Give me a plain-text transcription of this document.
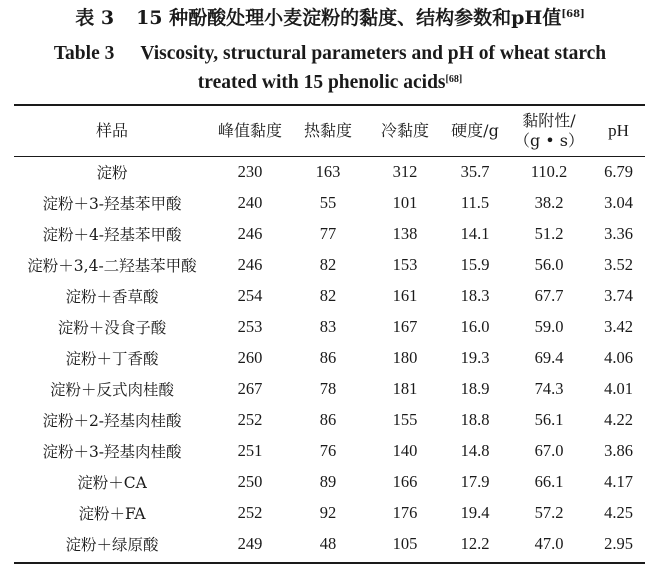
表 3 15 种酚酸处理小麦淀粉的黏度、结构参数和pH值[68]
Table 3 Viscosity, structural parameters and pH of wheat starch
treated with 15 phenolic acids[68]
样品	峰值黏度	热黏度	冷黏度	硬度/g	黏附性/
（g • s）	pH
淀粉	230	163	312	35.7	110.2	6.79
淀粉＋3-羟基苯甲酸	240	55	101	11.5	38.2	3.04
淀粉＋4-羟基苯甲酸	246	77	138	14.1	51.2	3.36
淀粉＋3,4-二羟基苯甲酸	246	82	153	15.9	56.0	3.52
淀粉＋香草酸	254	82	161	18.3	67.7	3.74
淀粉＋没食子酸	253	83	167	16.0	59.0	3.42
淀粉＋丁香酸	260	86	180	19.3	69.4	4.06
淀粉＋反式肉桂酸	267	78	181	18.9	74.3	4.01
淀粉＋2-羟基肉桂酸	252	86	155	18.8	56.1	4.22
淀粉＋3-羟基肉桂酸	251	76	140	14.8	67.0	3.86
淀粉＋CA	250	89	166	17.9	66.1	4.17
淀粉＋FA	252	92	176	19.4	57.2	4.25
淀粉＋绿原酸	249	48	105	12.2	47.0	2.95
